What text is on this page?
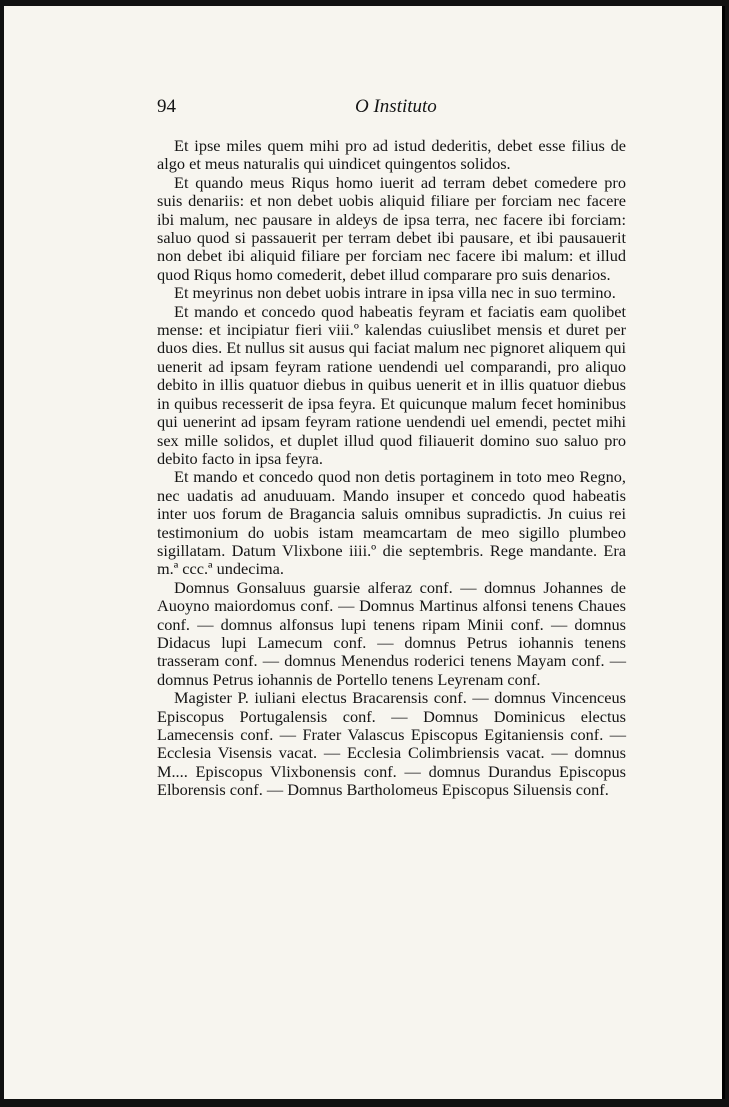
94	O Instituto

Et ipse miles quem mihi pro ad istud dederitis, debet esse filius de algo et meus naturalis qui uindicet quingentos solidos.

Et quando meus Riqus homo iuerit ad terram debet comedere pro suis denariis: et non debet uobis aliquid filiare per forciam nec facere ibi malum, nec pausare in aldeys de ipsa terra, nec facere ibi forciam: saluo quod si passauerit per terram debet ibi pausare, et ibi pausauerit non debet ibi aliquid filiare per forciam nec facere ibi malum: et illud quod Riqus homo comederit, debet illud comparare pro suis denarios.

Et meyrinus non debet uobis intrare in ipsa villa nec in suo termino.

Et mando et concedo quod habeatis feyram et faciatis eam quolibet mense: et incipiatur fieri viii.º kalendas cuiuslibet mensis et duret per duos dies. Et nullus sit ausus qui faciat malum nec pignoret aliquem qui uenerit ad ipsam feyram ratione uendendi uel comparandi, pro aliquo debito in illis quatuor diebus in quibus uenerit et in illis quatuor diebus in quibus recesserit de ipsa feyra. Et quicunque malum fecet hominibus qui uenerint ad ipsam feyram ratione uendendi uel emendi, pectet mihi sex mille solidos, et duplet illud quod filiauerit domino suo saluo pro debito facto in ipsa feyra.

Et mando et concedo quod non detis portaginem in toto meo Regno, nec uadatis ad anuduuam. Mando insuper et concedo quod habeatis inter uos forum de Bragancia saluis omnibus supradictis. Jn cuius rei testimonium do uobis istam meamcartam de meo sigillo plumbeo sigillatam. Datum Vlixbone iiii.º die septembris. Rege mandante. Era m.ª ccc.ª undecima.

Domnus Gonsaluus guarsie alferaz conf. — domnus Johannes de Auoyno maiordomus conf. — Domnus Martinus alfonsi tenens Chaues conf. — domnus alfonsus lupi tenens ripam Minii conf. — domnus Didacus lupi Lamecum conf. — domnus Petrus iohannis tenens trasseram conf. — domnus Menendus roderici tenens Mayam conf. — domnus Petrus iohannis de Portello tenens Leyrenam conf.

Magister P. iuliani electus Bracarensis conf. — domnus Vincenceus Episcopus Portugalensis conf. — Domnus Dominicus electus Lamecensis conf. — Frater Valascus Episcopus Egitaniensis conf. — Ecclesia Visensis vacat. — Ecclesia Colimbriensis vacat. — domnus M.... Episcopus Vlixbonensis conf. — domnus Durandus Episcopus Elborensis conf. — Domnus Bartholomeus Episcopus Siluensis conf.
